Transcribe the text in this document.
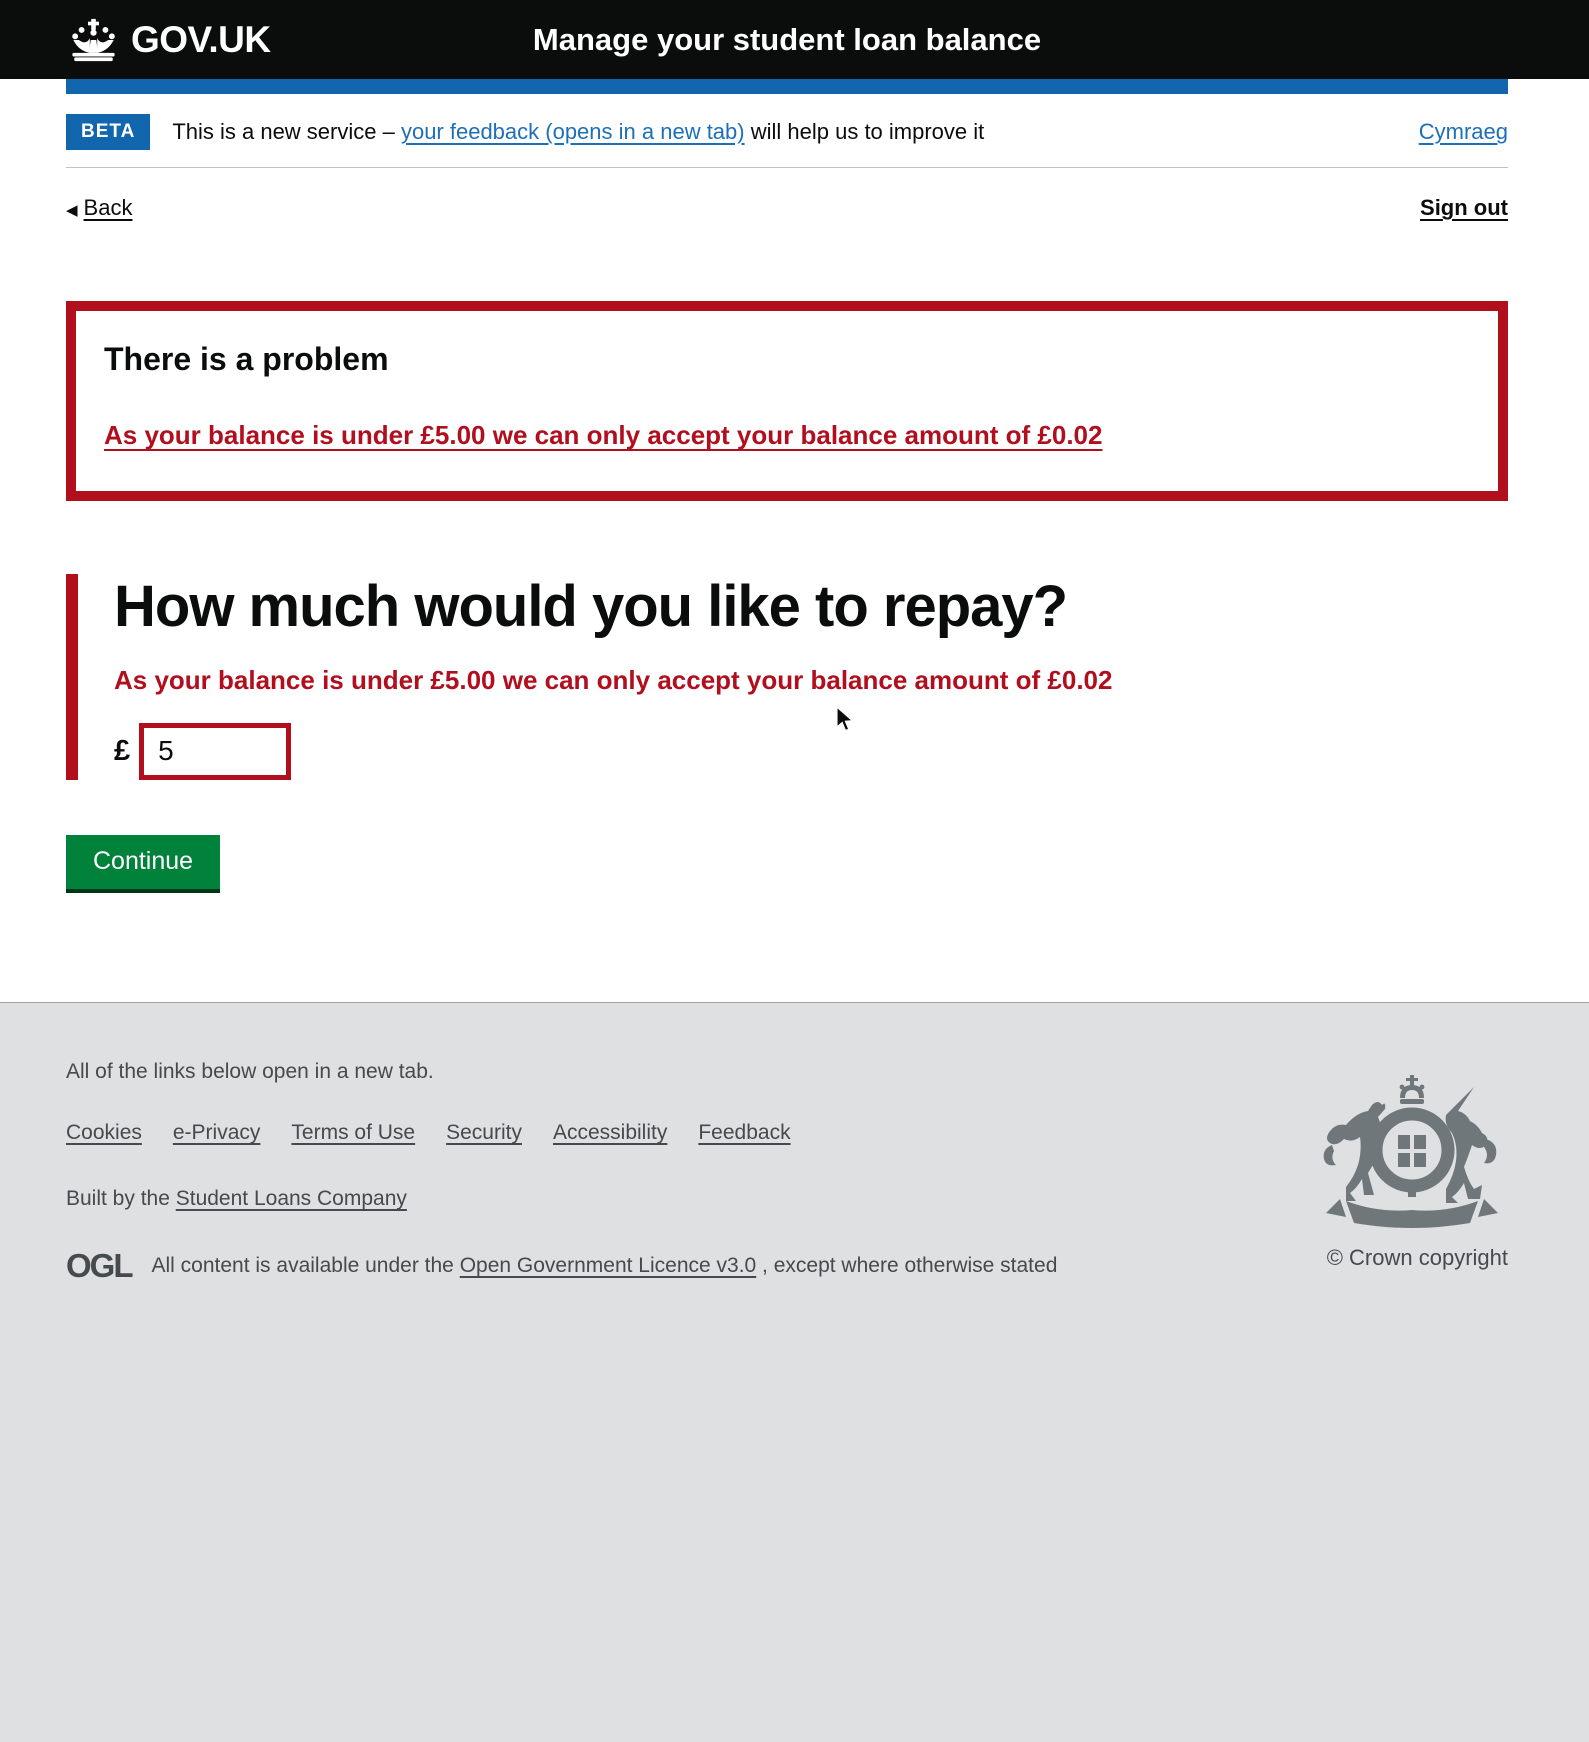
GOV.UK	Manage your student loan balance
BETA	This is a new service – your feedback (opens in a new tab) will help us to improve it	Cymraeg
◀ Back	Sign out
There is a problem
As your balance is under £5.00 we can only accept your balance amount of £0.02
How much would you like to repay?
As your balance is under £5.00 we can only accept your balance amount of £0.02
£
5
Continue
All of the links below open in a new tab.
Cookies e-Privacy Terms of Use Security Accessibility Feedback
Built by the Student Loans Company
OGL All content is available under the Open Government Licence v3.0 , except where otherwise stated	© Crown copyright
